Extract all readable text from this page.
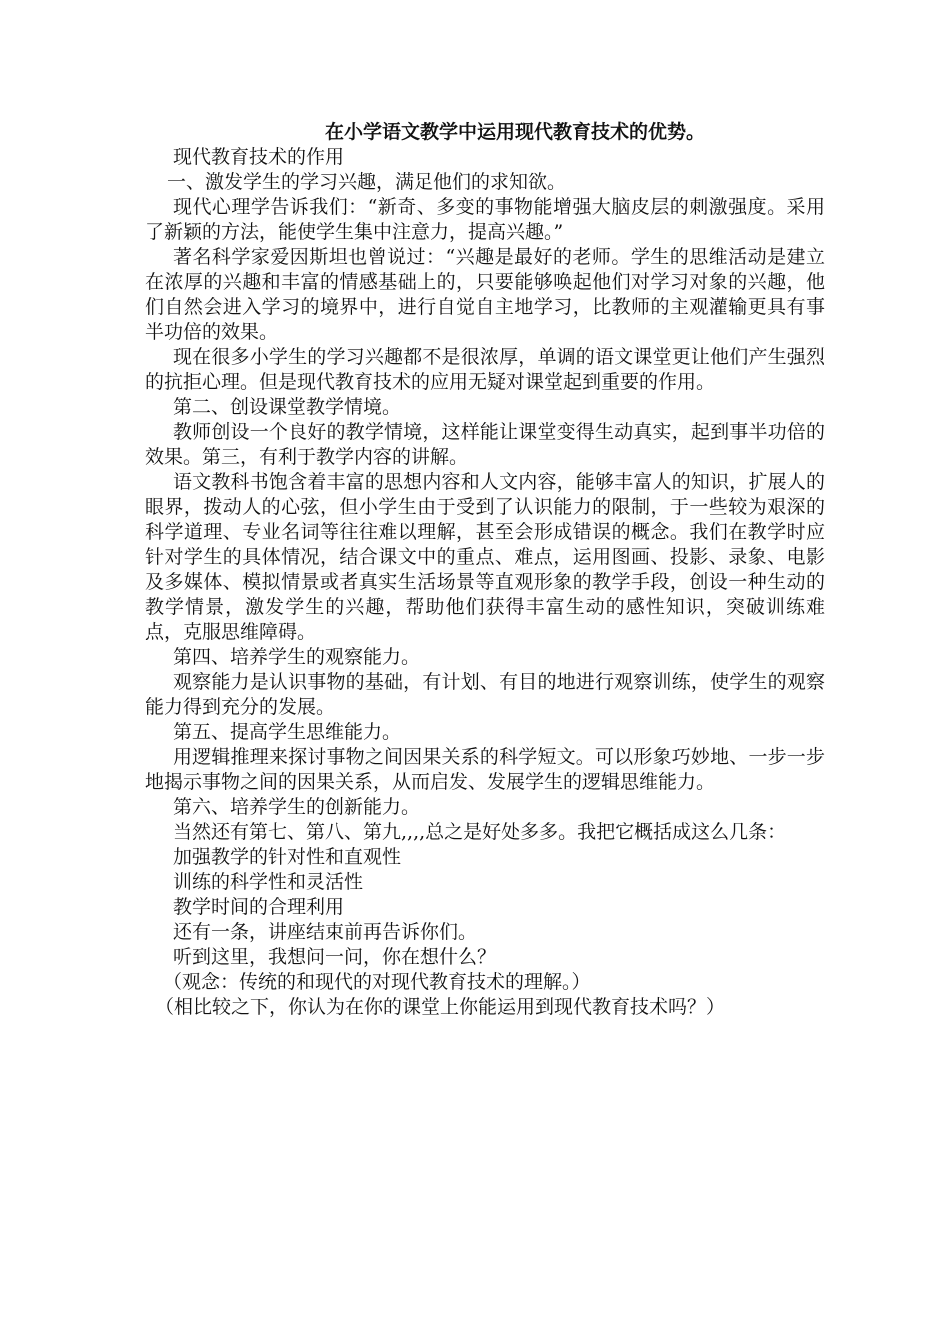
在小学语文教学中运用现代教育技术的优势。

现代教育技术的作用

一、激发学生的学习兴趣，满足他们的求知欲。

现代心理学告诉我们：“新奇、多变的事物能增强大脑皮层的刺激强度。采用了新颖的方法，能使学生集中注意力，提高兴趣。”

著名科学家爱因斯坦也曾说过：“兴趣是最好的老师。学生的思维活动是建立在浓厚的兴趣和丰富的情感基础上的，只要能够唤起他们对学习对象的兴趣，他们自然会进入学习的境界中，进行自觉自主地学习，比教师的主观灌输更具有事半功倍的效果。

现在很多小学生的学习兴趣都不是很浓厚，单调的语文课堂更让他们产生强烈的抗拒心理。但是现代教育技术的应用无疑对课堂起到重要的作用。

第二、创设课堂教学情境。

教师创设一个良好的教学情境，这样能让课堂变得生动真实，起到事半功倍的效果。第三，有利于教学内容的讲解。

语文教科书饱含着丰富的思想内容和人文内容，能够丰富人的知识，扩展人的眼界，拨动人的心弦，但小学生由于受到了认识能力的限制，于一些较为艰深的科学道理、专业名词等往往难以理解，甚至会形成错误的概念。我们在教学时应针对学生的具体情况，结合课文中的重点、难点，运用图画、投影、录象、电影及多媒体、模拟情景或者真实生活场景等直观形象的教学手段，创设一种生动的教学情景，激发学生的兴趣，帮助他们获得丰富生动的感性知识，突破训练难点，克服思维障碍。

第四、培养学生的观察能力。

观察能力是认识事物的基础，有计划、有目的地进行观察训练，使学生的观察能力得到充分的发展。

第五、提高学生思维能力。

用逻辑推理来探讨事物之间因果关系的科学短文。可以形象巧妙地、一步一步地揭示事物之间的因果关系，从而启发、发展学生的逻辑思维能力。

第六、培养学生的创新能力。

当然还有第七、第八、第九,,,,总之是好处多多。我把它概括成这么几条：

加强教学的针对性和直观性

训练的科学性和灵活性

教学时间的合理利用

还有一条，讲座结束前再告诉你们。

听到这里，我想问一问，你在想什么？

（观念：传统的和现代的对现代教育技术的理解。）

（相比较之下，你认为在你的课堂上你能运用到现代教育技术吗？）
